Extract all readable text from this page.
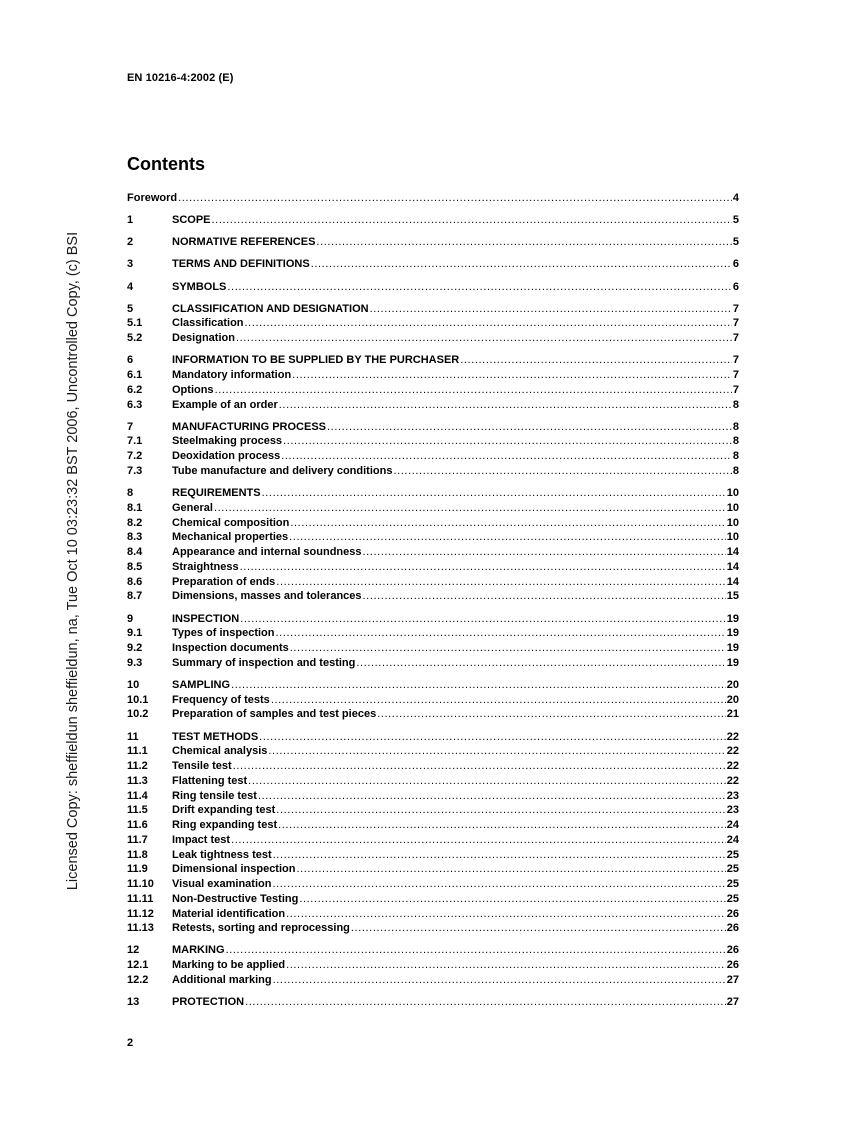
EN 10216-4:2002 (E)
Contents
Licensed Copy: sheffieldun sheffieldun, na, Tue Oct 10 03:23:32 BST 2006, Uncontrolled Copy, (c) BSI
Foreword .....	4
1	SCOPE .....	5
2	NORMATIVE REFERENCES .....	5
3	TERMS AND DEFINITIONS .....	6
4	SYMBOLS .....	6
5	CLASSIFICATION AND DESIGNATION .....	7
5.1	Classification .....	7
5.2	Designation .....	7
6	INFORMATION TO BE SUPPLIED BY THE PURCHASER .....	7
6.1	Mandatory information .....	7
6.2	Options .....	7
6.3	Example of an order .....	8
7	MANUFACTURING PROCESS .....	8
7.1	Steelmaking process .....	8
7.2	Deoxidation process .....	8
7.3	Tube manufacture and delivery conditions .....	8
8	REQUIREMENTS .....	10
8.1	General .....	10
8.2	Chemical composition .....	10
8.3	Mechanical properties .....	10
8.4	Appearance and internal soundness .....	14
8.5	Straightness .....	14
8.6	Preparation of ends .....	14
8.7	Dimensions, masses and tolerances .....	15
9	INSPECTION .....	19
9.1	Types of inspection .....	19
9.2	Inspection documents .....	19
9.3	Summary of inspection and testing .....	19
10	SAMPLING .....	20
10.1	Frequency of tests .....	20
10.2	Preparation of samples and test pieces .....	21
11	TEST METHODS .....	22
11.1	Chemical analysis .....	22
11.2	Tensile test .....	22
11.3	Flattening test .....	22
11.4	Ring tensile test .....	23
11.5	Drift expanding test .....	23
11.6	Ring expanding test .....	24
11.7	Impact test .....	24
11.8	Leak tightness test .....	25
11.9	Dimensional inspection .....	25
11.10	Visual examination .....	25
11.11	Non-Destructive Testing .....	25
11.12	Material identification .....	26
11.13	Retests, sorting and reprocessing .....	26
12	MARKING .....	26
12.1	Marking to be applied .....	26
12.2	Additional marking .....	27
13	PROTECTION .....	27
2
